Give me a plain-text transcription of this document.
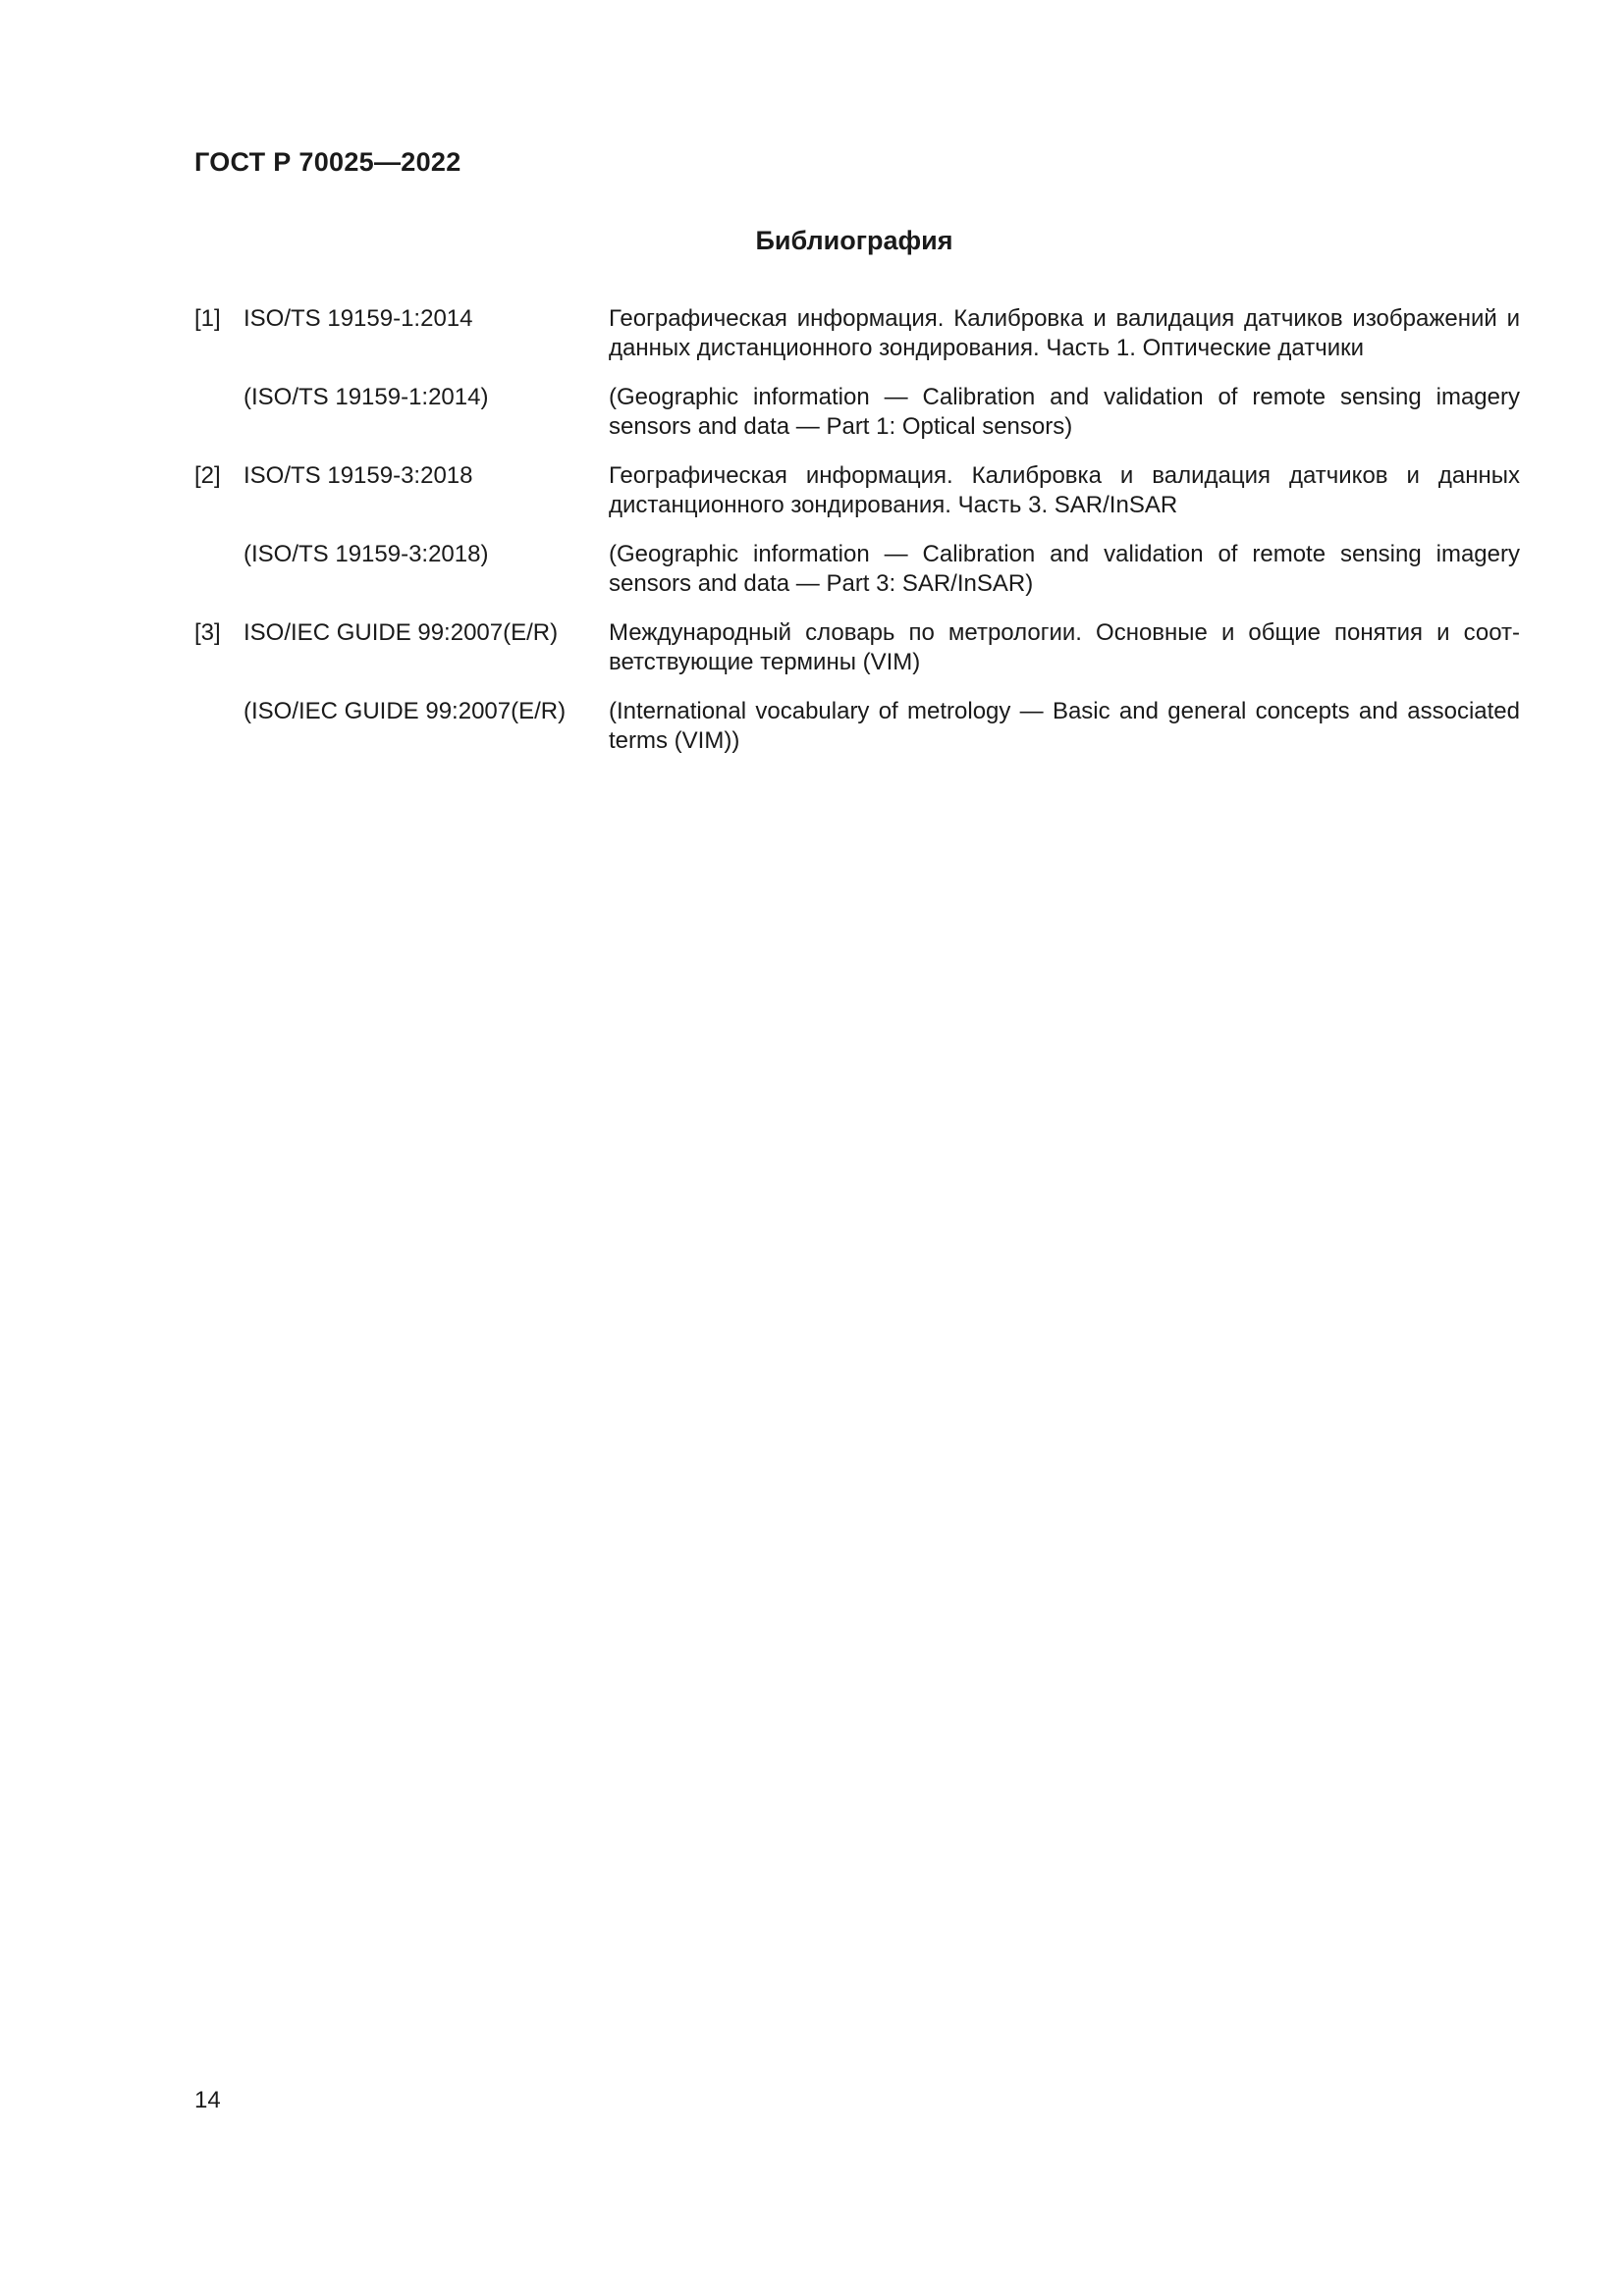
ГОСТ Р 70025—2022
Библиография
[1] ISO/TS 19159-1:2014	Географическая информация. Калибровка и валидация датчиков изображений и данных дистанционного зондирования. Часть 1. Оптические датчики
(ISO/TS 19159-1:2014)	(Geographic information — Calibration and validation of remote sensing imagery sensors and data — Part 1: Optical sensors)
[2] ISO/TS 19159-3:2018	Географическая информация. Калибровка и валидация датчиков и данных дистанционного зондирования. Часть 3. SAR/InSAR
(ISO/TS 19159-3:2018)	(Geographic information — Calibration and validation of remote sensing imagery sensors and data — Part 3: SAR/InSAR)
[3] ISO/IEC GUIDE 99:2007(E/R)	Международный словарь по метрологии. Основные и общие понятия и соот-ветствующие термины (VIM)
(ISO/IEC GUIDE 99:2007(E/R)	(International vocabulary of metrology — Basic and general concepts and associated terms (VIM))
14
